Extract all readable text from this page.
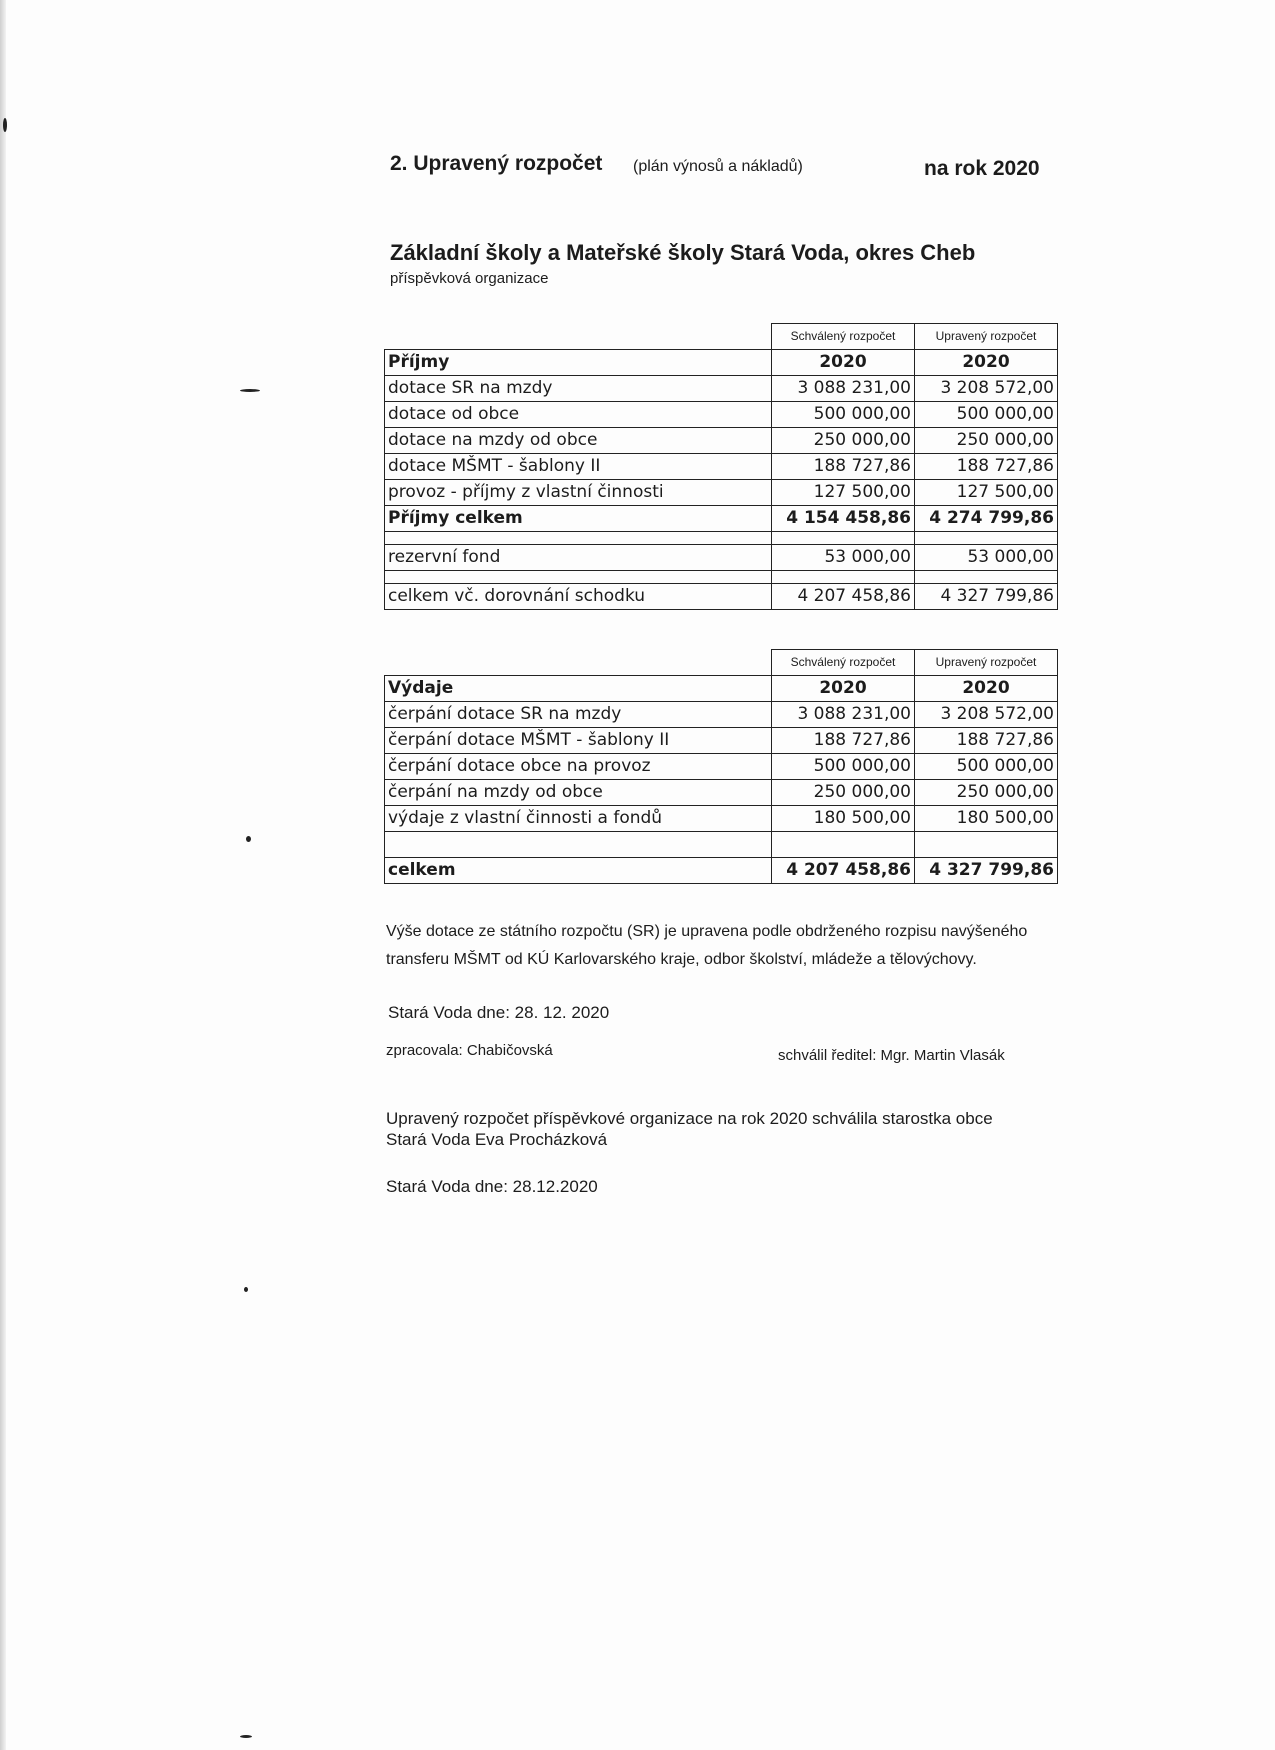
2. Upravený rozpočet (plán výnosů a nákladů)	na rok 2020
Základní školy a Mateřské školy Stará Voda, okres Cheb
příspěvková organizace
	Schválený rozpočet	Upravený rozpočet
Příjmy	2020	2020
dotace SR na mzdy	3 088 231,00	3 208 572,00
dotace od obce	500 000,00	500 000,00
dotace na mzdy od obce	250 000,00	250 000,00
dotace MŠMT - šablony II	188 727,86	188 727,86
provoz - příjmy z vlastní činnosti	127 500,00	127 500,00
Příjmy celkem	4 154 458,86	4 274 799,86

rezervní fond	53 000,00	53 000,00

celkem vč. dorovnání schodku	4 207 458,86	4 327 799,86
	Schválený rozpočet	Upravený rozpočet
Výdaje	2020	2020
čerpání dotace SR na mzdy	3 088 231,00	3 208 572,00
čerpání dotace MŠMT - šablony II	188 727,86	188 727,86
čerpání dotace obce na provoz	500 000,00	500 000,00
čerpání na mzdy od obce	250 000,00	250 000,00
výdaje z vlastní činnosti a fondů	180 500,00	180 500,00

celkem	4 207 458,86	4 327 799,86
Výše dotace ze státního rozpočtu (SR) je upravena podle obdrženého rozpisu navýšeného transferu MŠMT od KÚ Karlovarského kraje, odbor školství, mládeže a tělovýchovy.
Stará Voda dne: 28. 12. 2020
zpracovala: Chabičovská	schválil ředitel: Mgr. Martin Vlasák
Upravený rozpočet příspěvkové organizace na rok 2020 schválila starostka obce Stará Voda Eva Procházková
Stará Voda dne: 28.12.2020
